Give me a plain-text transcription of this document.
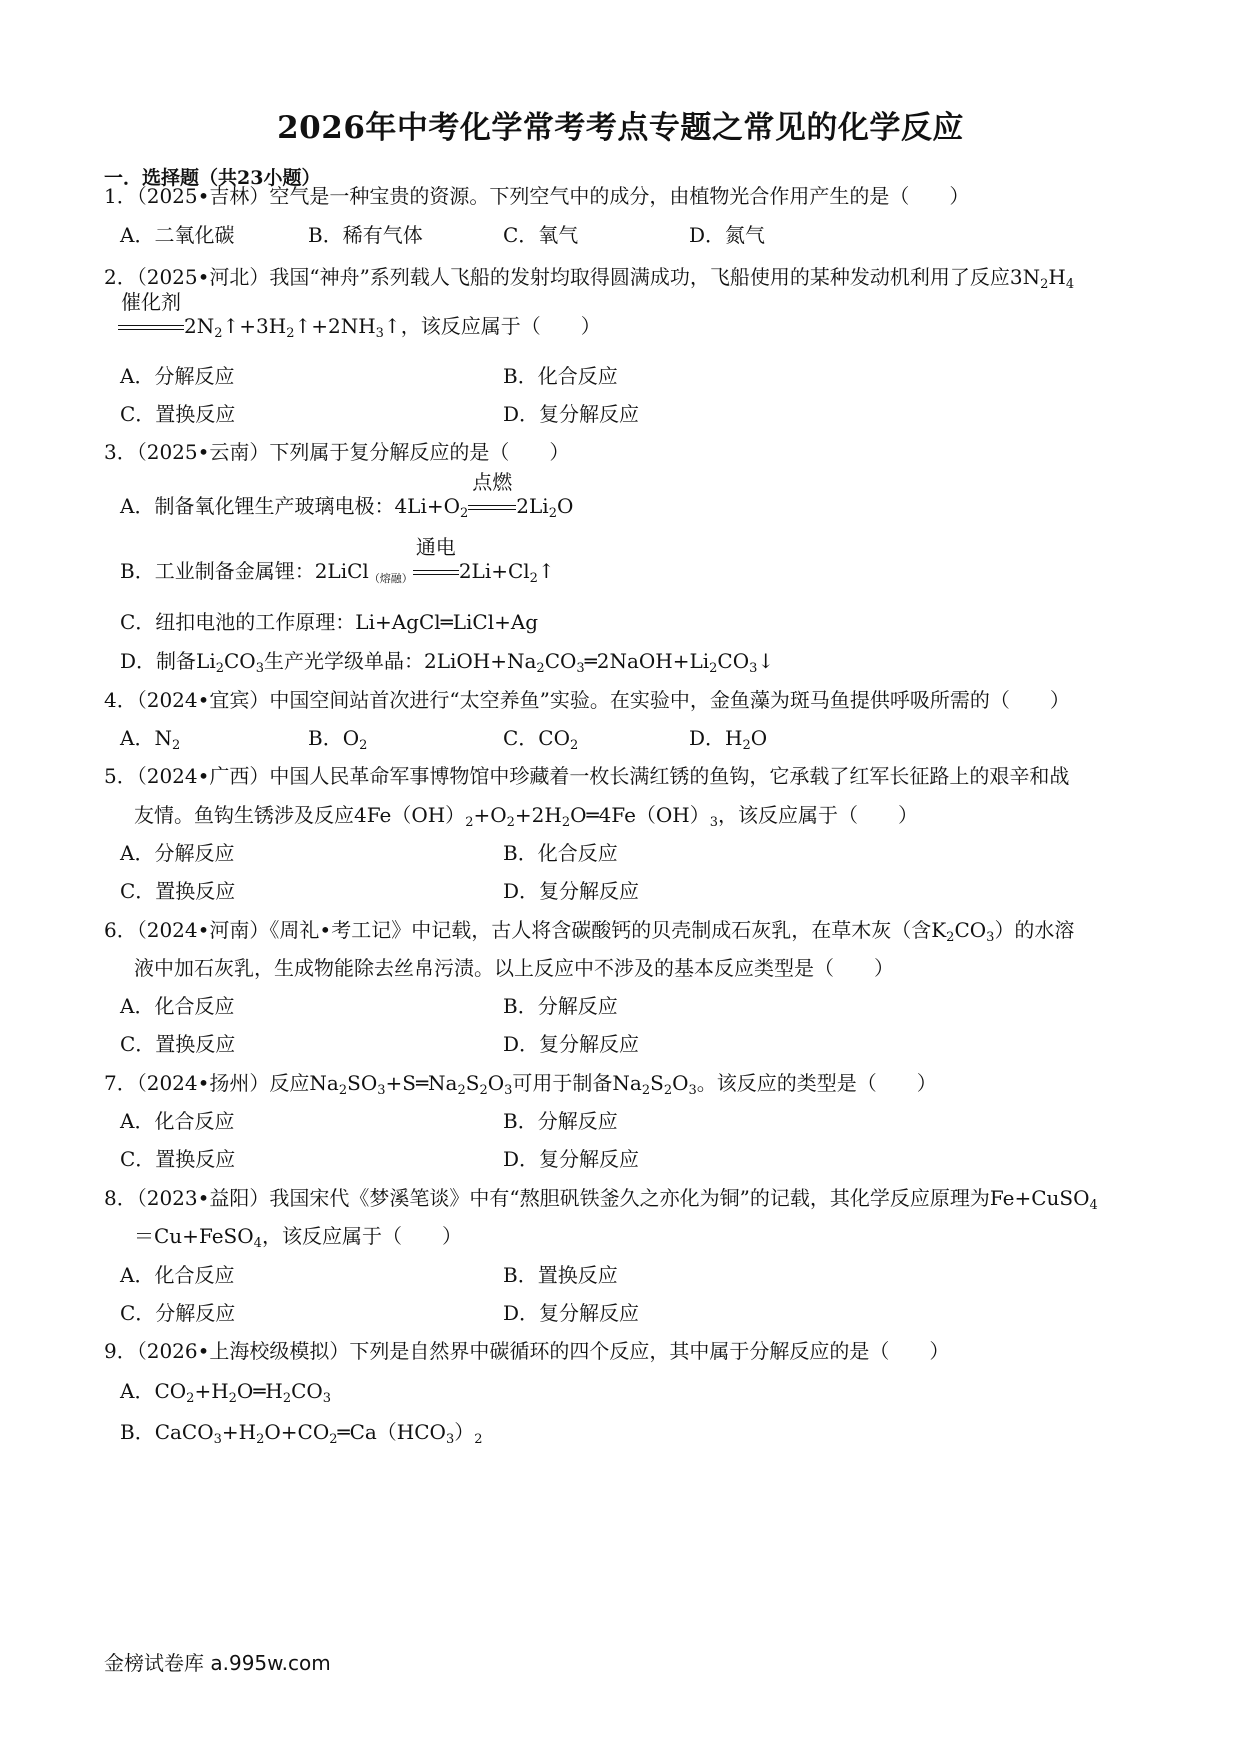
2026年中考化学常考考点专题之常见的化学反应
一．选择题（共23小题）
1．（2025•吉林）空气是一种宝贵的资源。下列空气中的成分，由植物光合作用产生的是（　　）
A．二氧化碳	B．稀有气体	C．氧气	D．氮气
2．（2025•河北）我国“神舟”系列载人飞船的发射均取得圆满成功，飞船使用的某种发动机利用了反应$3N_2H_4$
催化剂
$2N_2↑+3H_2↑+2NH_3↑$，该反应属于（　　）
A．分解反应	B．化合反应
C．置换反应	D．复分解反应
3．（2025•云南）下列属于复分解反应的是（　　）
A．制备氧化锂生产玻璃电极：$4Li+O_2$
点燃
$2Li_2O$
B．工业制备金属锂：2LiCl$_{(熔融)}$
通电
$2Li+Cl_2↑$
C．纽扣电池的工作原理：Li+AgCl═LiCl+Ag
D．制备$Li_2CO_3$生产光学级单晶：$2LiOH+Na_2CO_3═2NaOH+Li_2CO_3↓$
4．（2024•宜宾）中国空间站首次进行“太空养鱼”实验。在实验中，金鱼藻为斑马鱼提供呼吸所需的（　　）
A．$N_2$	B．$O_2$	C．$CO_2$	D．$H_2O$
5．（2024•广西）中国人民革命军事博物馆中珍藏着一枚长满红锈的鱼钩，它承载了红军长征路上的艰辛和战
友情。鱼钩生锈涉及反应$4Fe(OH)_2+O_2+2H_2O═4Fe(OH)_3$，该反应属于（　　）
A．分解反应	B．化合反应
C．置换反应	D．复分解反应
6．（2024•河南）《周礼•考工记》中记载，古人将含碳酸钙的贝壳制成石灰乳，在草木灰（含$K_2CO_3$）的水溶
液中加石灰乳，生成物能除去丝帛污渍。以上反应中不涉及的基本反应类型是（　　）
A．化合反应	B．分解反应
C．置换反应	D．复分解反应
7．（2024•扬州）反应$Na_2SO_3+S═Na_2S_2O_3$可用于制备$Na_2S_2O_3$。该反应的类型是（　　）
A．化合反应	B．分解反应
C．置换反应	D．复分解反应
8．（2023•益阳）我国宋代《梦溪笔谈》中有“熬胆矾铁釜久之亦化为铜”的记载，其化学反应原理为Fe+CuSO$_4$
＝Cu+FeSO$_4$，该反应属于（　　）
A．化合反应	B．置换反应
C．分解反应	D．复分解反应
9．（2026•上海校级模拟）下列是自然界中碳循环的四个反应，其中属于分解反应的是（　　）
A．$CO_2+H_2O═H_2CO_3$
B．$CaCO_3+H_2O+CO_2═Ca(HCO_3)_2$
金榜试卷库 a.995w.com
